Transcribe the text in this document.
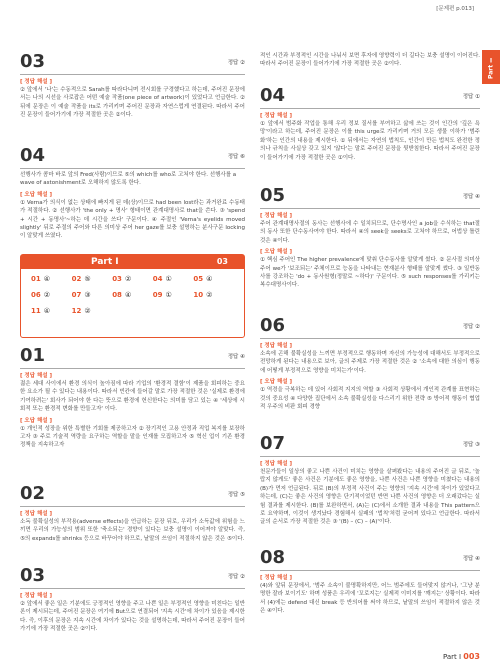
[문제편 p.013]
Part Ⅰ
03	정답 ②
[ 정답 해설 ]

② 앞에서 '나'는 수동적으로 Sarah를 따라다니며 전시회를 구경했다고 하는데, 주어진 문장에서는 나의 시선을 사로잡은 어떤 예술 작품(one piece of artwork)이 있었다고 언급한다. ② 뒤에 문장은 이 예술 작품을 its로 가리키며 주어진 문장과 자연스럽게 연결된다. 따라서 주어진 문장이 들어가기에 가장 적절한 곳은 ②이다.

04	정답 ⑥

선행사가 콤마 바로 앞의 Fred(사람)이므로 ⑤의 which를 who로 고쳐야 한다. 선행사를 a wave of astonishment로 오해하지 않도록 한다.

[ 오답 해설 ]

① Verna가 의식이 없는 상태에 빠지게 된 데(상)이므로 had been lost라는 과거완료 수동태가 적절하다. ② 선행사가 'the only + 명사' 형태이면 관계대명사로 that을 쓴다. ③ 'spend + 시간 + 동명사'~하는 데 시간을 쓰다' 구문이다. ④ 주절인 'Verna's eyelids moved slightly' 뒤로 주절의 주어와 다른 의미상 주어 her gaze를 보충 설명하는 분사구문 locking이 알맞게 쓰였다.

Part Ⅰ	03
01 ④	02 ⑤	03 ②	04 ①	05 ④
06 ②	07 ③	08 ④	09 ①	10 ②
11 ④	12 ②
01	정답 ④
[ 정답 해설 ]

젊은 세대 사이에서 환경 의식이 높아짐에 따라 기업의 '환경적 결함'이 제품을 회피하는 중요한 요소가 될 수 있다는 내용이다. 따라서 빈칸에 들어갈 말로 가장 적절한 것은 '실제로 환경에 기여하려는' 회사가 되어야 한 다는 뜻으로 환경에 헌신한다는 의미를 담고 있는 ④ '세상에 시회적 또는 환경적 변화를 만들고자' 이다.

[ 오답 해설 ]

① 개인적 성장을 위한 특별한 기회를 제공하고자 ② 장기적인 고용 안정과 직업 복지를 보장하고자 ③ 주로 기술적 역량을 요구하는 역할을 맡을 인재를 모집하고자 ⑤ 혁신 업이 기존 환경 정책을 지속하고자

02	정답 ⑤
[ 정답 해설 ]

소독 불확실성의 부작용(adverse effects)을 언급하는 문장 뒤로, 우리가 소득값에 위험을 느끼면 우리의 가능성의 범위 또한 '축소되는' 경향이 있다는 보충 설명이 이어져야 알맞다. 즉, ⑤의 expands를 shrinks 등으로 바꾸어야 하므로, 낱말의 쓰임이 적절하지 않은 것은 ⑤이다.

03	정답 ②
[ 정답 해설 ]

② 앞에서 좋은 일은 기분에도 긍정적인 영향을 주고 나쁜 일은 부정적인 영향을 미친다는 일반론이 제시되는데, 주어진 문장은 여기에 But으로 연결되어 '지속 시간'에 차이가 있음을 제시한다. 즉, 이후의 문장은 지속 시간에 차이가 있다는 것을 설명하는데, 따라서 주어진 문장이 들어가기에 가장 적절한 곳은 ②이다.

적인 시간과 부정적인 시간을 나눠서 보면 후자에 영향력이 더 길다는 보충 설명이 이어진다. 따라서 주어진 문장이 들어가기에 가장 적절한 곳은 ②이다.

04	정답 ①
[ 정답 해설 ]

① 앞에서 범주화 작업을 통해 우리 정보 질서를 부여하고 삶에 쓰는 것이 인간의 '깊은 욕망'이라고 하는데, 주어진 문장은 이를 this urge로 가리키며 거의 모든 생물 이하가 '범주화'하는 인간의 내용을 제시한다. ① 뒤에서는 자연의 법칙도, 인간이 만든 법칙도 완전한 정의나 규칙을 사실상 갖고 있지 '않다'는 말로 주어진 문장을 뒷받침한다. 따라서 주어진 문장이 들어가기에 가장 적절한 곳은 ①이다.

05	정답 ④
[ 정답 해설 ]

주어 관계대명사절의 동사는 선행사에 수 일치되므로, 단수명사인 a job을 수식하는 that절의 동사 또한 단수동사여야 한다. 따라서 ④의 seek을 seeks로 고쳐야 하므로, 어법상 틀린 것은 ④이다.

[ 오답 해설 ]

① 핵심 주어인 The higher prevalence에 맞춰 단수동사를 알맞게 썼다. ② 문사절 의미상 주어 we가 '보조되는' 주체이므로 능동을 나타내는 현재분사 형태를 알맞게 썼다. ③ 일반동사를 강조하는 'do + 동사원형(정말로 ~하다)' 구문이다. ⑤ such responses를 가리키는 복수대명사이다.

06	정답 ②
[ 정답 해설 ]

소속에 곤해 불확실성을 느끼면 부정적으로 행동하며 자신의 가능성에 대해서도 부정적으로 전망하게 된다는 내용으로 보아, 글의 주제로 가장 적절한 것은 ② '소속에 대한 의심이 행동에 어떻게 부정적으로 영향을 미치는가'이다.

[ 오답 해설 ]

① 역경을 극복하는 데 있어 사회적 지지의 역할 ③ 사회적 상황에서 개인적 관계를 표현하는 것의 중요성 ④ 다양한 집단에서 소속 불확실성을 다스리기 위한 전략 ⑤ 방어적 행동이 협업적 우주의 비판 회피 경향

07	정답 ③
[ 정답 해설 ]

천문가들이 일상의 좋고 나쁜 사건이 미치는 영향을 살펴봤다는 내용의 주어진 글 뒤로, '놀랍지 않게도' 좋은 사건은 기분에도 좋은 영향을, 나쁜 사건은 나쁜 영향을 미쳤다는 내용의 (B)가 먼저 언급된다. 뒤로 (B)의 부정적 사건이 주는 영향의 '지속 시간'에 차이가 있었다고 하는데, (C)는 좋은 사건의 영향은 단기적이었던 반면 나쁜 사건의 영향은 더 오래갔다는 실험 결과를 제시한다. (B)를 보완하면서, (A)는 (C)에서 소개한 결과 내용을 This pattern으로 요약하며, 이것이 생겨났다 경험해서 실패의 '법칙'처럼 굳어져 있다고 언급한다. 따라서 글의 순서로 가장 적절한 것은 ③ '(B) – (C) – (A)'이다.

08	정답 ④
[ 정답 해설 ]

(4)와 앞뒤 문장에서, '범주 소속이 불명확하지만, 어느 범주에도 들어맞지 않거나, '그냥 분명한 잘라 보이기도' 하며 성품은 우리에 '꼬로지는' 실제적 이미지를 '깨지는' 상황이다. 따라서 (4)에는 defend 대신 break 등 반의어를 써야 하므로, 낱말의 쓰임이 적절하지 않은 것은 ④이다.

Part Ⅰ 003
